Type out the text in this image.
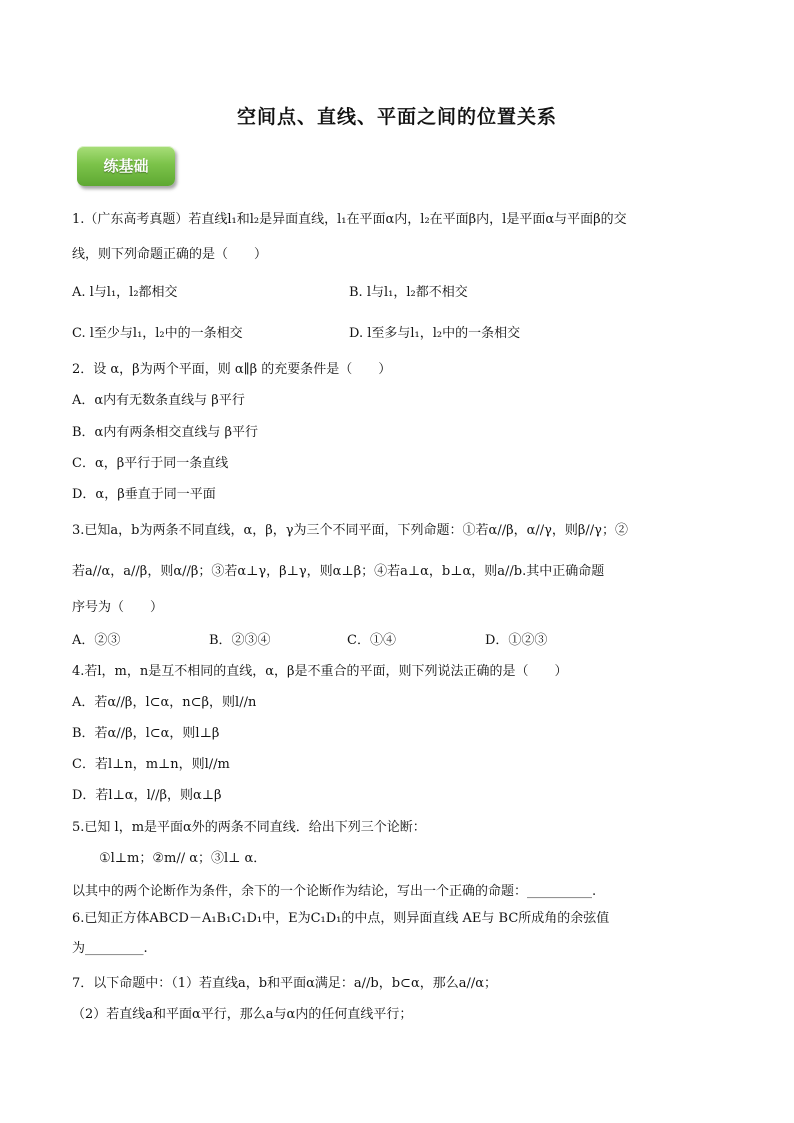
空间点、直线、平面之间的位置关系
练基础
1.（广东高考真题）若直线l₁和l₂是异面直线，l₁在平面α内，l₂在平面β内，l是平面α与平面β的交
线，则下列命题正确的是（　　）
A. l与l₁，l₂都相交	B. l与l₁，l₂都不相交
C. l至少与l₁，l₂中的一条相交	D. l至多与l₁，l₂中的一条相交
2．设 α，β为两个平面，则 α∥β 的充要条件是（　　）
A．α内有无数条直线与 β平行
B．α内有两条相交直线与 β平行
C．α，β平行于同一条直线
D．α，β垂直于同一平面
3.已知a，b为两条不同直线，α，β，γ为三个不同平面，下列命题：①若α//β，α//γ，则β//γ；②
若a//α，a//β，则α//β；③若α⊥γ，β⊥γ，则α⊥β；④若a⊥α，b⊥α，则a//b.其中正确命题
序号为（　　）
A．②③	B．②③④	C．①④	D．①②③
4.若l，m，n是互不相同的直线，α，β是不重合的平面，则下列说法正确的是（　　）
A．若α//β，l⊂α，n⊂β，则l//n
B．若α//β，l⊂α，则l⊥β
C．若l⊥n，m⊥n，则l//m
D．若l⊥α，l//β，则α⊥β
5.已知 l，m是平面α外的两条不同直线．给出下列三个论断：
①l⊥m；②m// α；③l⊥ α．
以其中的两个论断作为条件，余下的一个论断作为结论，写出一个正确的命题：__________.
6.已知正方体ABCD－A₁B₁C₁D₁中，E为C₁D₁的中点，则异面直线 AE与 BC所成角的余弦值
为_________.
7．以下命题中：（1）若直线a，b和平面α满足：a//b，b⊂α，那么a//α；
（2）若直线a和平面α平行，那么a与α内的任何直线平行；
